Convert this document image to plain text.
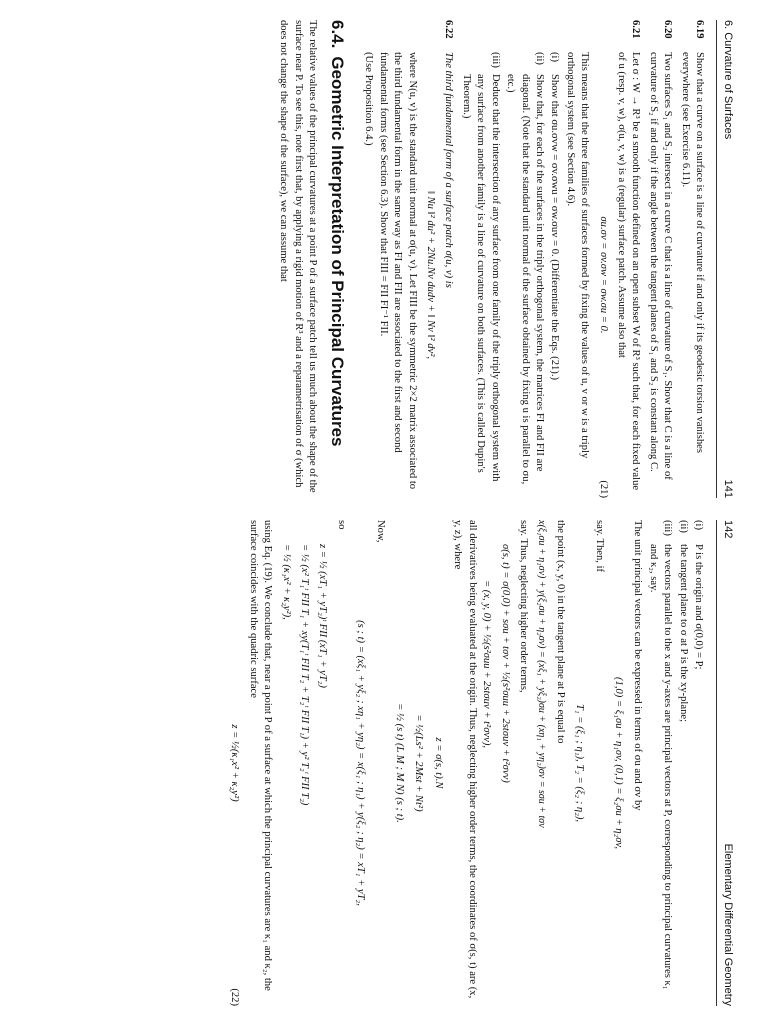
6. Curvature of Surfaces
141
6.19
Show that a curve on a surface is a line of curvature if and only if its geodesic torsion vanishes everywhere (see Exercise 6.11).
6.20
Two surfaces S₁ and S₂ intersect in a curve C that is a line of curvature of S₁. Show that C is a line of curvature of S₂ if and only if the angle between the tangent planes of S₁ and S₂ is constant along C.
6.21
Let σ : W → R³ be a smooth function defined on an open subset W of R³ such that, for each fixed value of u (resp. v, w), σ(u, v, w) is a (regular) surface patch. Assume also that
σu.σv = σv.σw = σw.σu = 0.
(21)
This means that the three families of surfaces formed by fixing the values of u, v or w is a triply orthogonal system (see Section 4.6).
(i)
Show that σu.σvw = σv.σwu = σw.σuv = 0. (Differentiate the Eqs. (21).)
(ii)
Show that, for each of the surfaces in the triply orthogonal system, the matrices FI and FII are diagonal. (Note that the standard unit normal of the surface obtained by fixing u is parallel to σu, etc.)
(iii)
Deduce that the intersection of any surface from one family of the triply orthogonal system with any surface from another family is a line of curvature on both surfaces. (This is called Dupin's Theorem.)
6.22
The third fundamental form of a surface patch σ(u, v) is
‖ Nu ‖² du² + 2Nu.Nv dudv + ‖ Nv ‖² dv²,
where N(u, v) is the standard unit normal at σ(u, v). Let FIII be the symmetric 2×2 matrix associated to the third fundamental form in the same way as FI and FII are associated to the first and second fundamental forms (see Section 6.3). Show that FIII = FII FI⁻¹ FII.
(Use Proposition 6.4.)
6.4.Geometric Interpretation of Principal Curvatures

The relative values of the principal curvatures at a point P of a surface patch tell us much about the shape of the surface near P. To see this, note first that, by applying a rigid motion of R³ and a reparametrisation of σ (which does not change the shape of the surface), we can assume that

142
Elementary Differential Geometry
(i)
P is the origin and σ(0,0) = P;
(ii)
the tangent plane to σ at P is the xy-plane;
(iii)
the vectors parallel to the x and y-axes are principal vectors at P, corresponding to principal curvatures κ₁ and κ₂, say.

The unit principal vectors can be expressed in terms of σu and σv by

(1,0) = ξ₁σu + η₁σv, (0,1) = ξ₂σu + η₂σv,

say. Then, if

T₁ = (ξ₁ ; η₁), T₂ = (ξ₂ ; η₂),

the point (x, y, 0) in the tangent plane at P is equal to

x(ξ₁σu + η₁σv) + y(ξ₂σu + η₂σv) = (xξ₁ + yξ₂)σu + (xη₁ + yη₂)σv = sσu + tσv

say. Thus, neglecting higher order terms,

σ(s, t) = σ(0,0) + sσu + tσv + ½(s²σuu + 2stσuv + t²σvv)
= (x, y, 0) + ½(s²σuu + 2stσuv + t²σvv),

all derivatives being evaluated at the origin. Thus, neglecting higher order terms, the coordinates of σ(s, t) are (x, y, z), where

z = σ(s, t).N
= ½(Ls² + 2Mst + Nt²)
= ½ (s t) (L M ; M N) (s ; t).

Now,

(s ; t) = (xξ₁ + yξ₂ ; xη₁ + yη₂) = x(ξ₁ ; η₁) + y(ξ₂ ; η₂) = xT₁ + yT₂,

so

z = ½ (xT₁ + yT₂)ᵗ FII (xT₁ + yT₂)
= ½ (x² T₁ᵗ FII T₁ + xy(T₁ᵗ FII T₂ + T₂ᵗ FII T₁) + y² T₂ᵗ FII T₂)
= ½ (κ₁x² + κ₂y²),

using Eq. (19). We conclude that, near a point P of a surface at which the principal curvatures are κ₁ and κ₂, the surface coincides with the quadric surface

z = ½(κ₁x² + κ₂y²)
(22)
